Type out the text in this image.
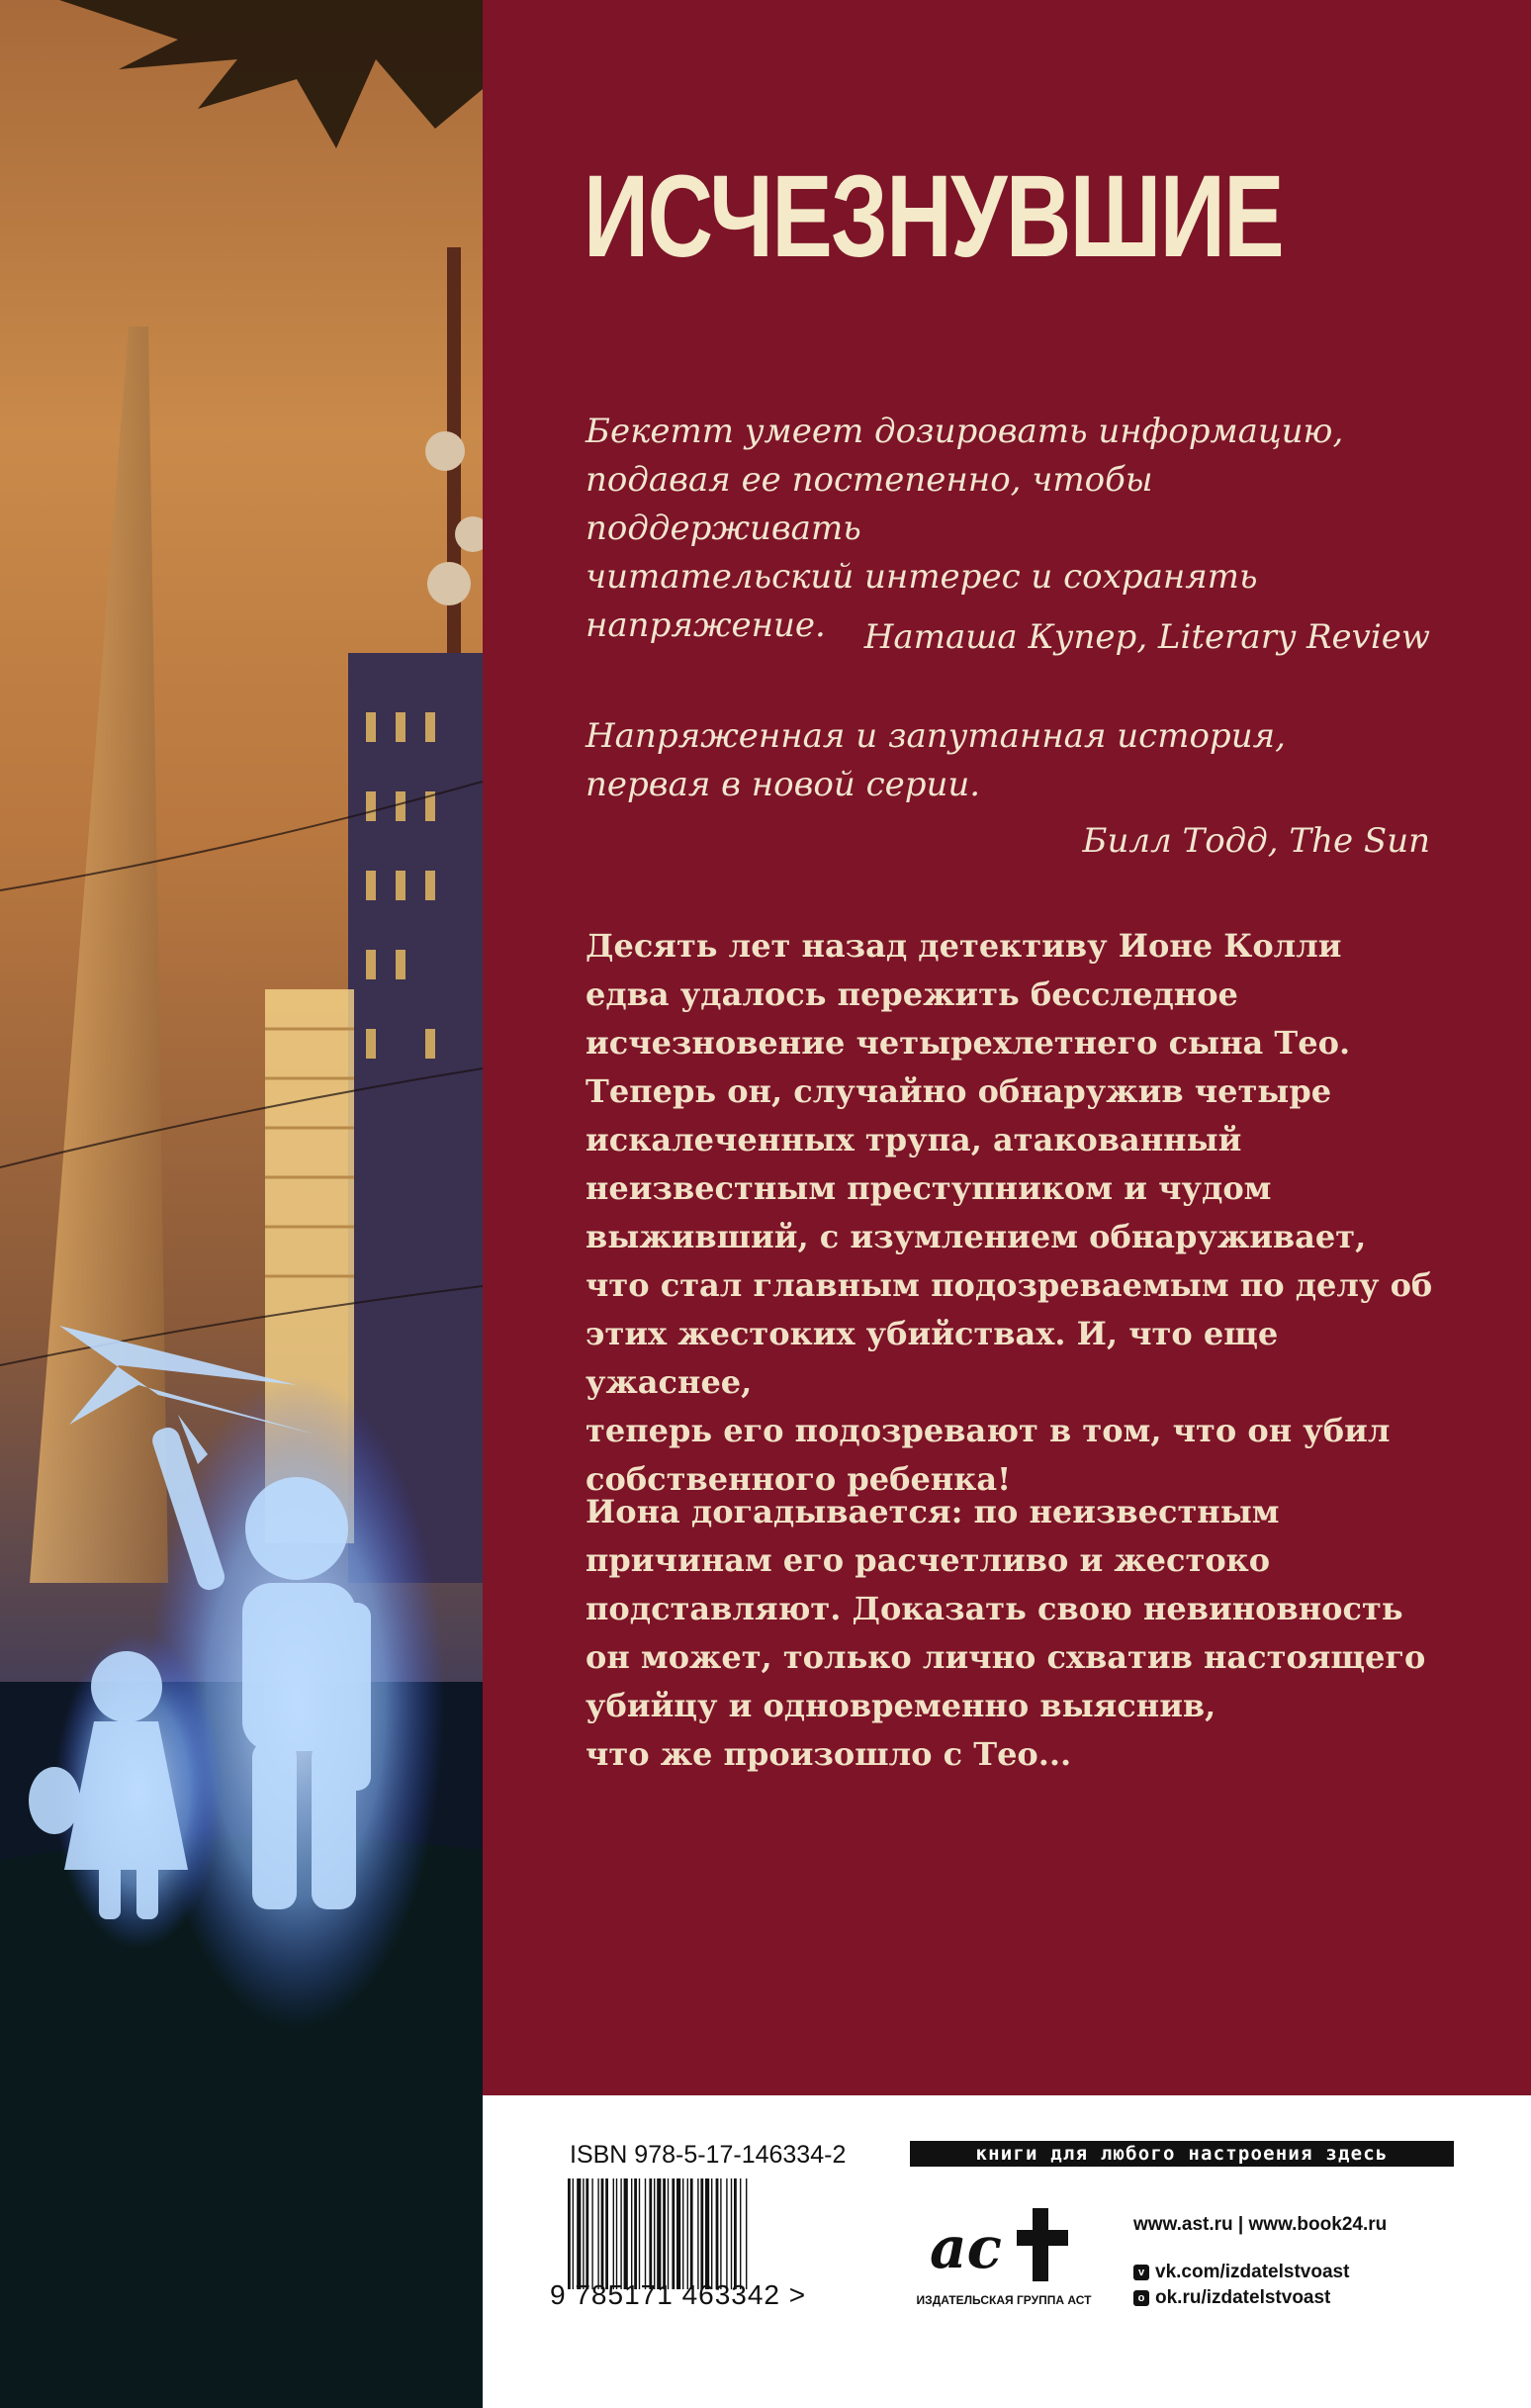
ИСЧЕЗНУВШИЕ
Бекетт умеет дозировать информацию,
подавая ее постепенно, чтобы поддерживать
читательский интерес и сохранять
напряжение.	Наташа Купер, Literary Review
Напряженная и запутанная история,
первая в новой серии.
Билл Тодд, The Sun
Десять лет назад детективу Ионе Колли
едва удалось пережить бесследное
исчезновение четырехлетнего сына Тео.
Теперь он, случайно обнаружив четыре
искалеченных трупа, атакованный
неизвестным преступником и чудом
выживший, с изумлением обнаруживает,
что стал главным подозреваемым по делу об
этих жестоких убийствах. И, что еще ужаснее,
теперь его подозревают в том, что он убил
собственного ребенка!
Иона догадывается: по неизвестным
причинам его расчетливо и жестоко
подставляют. Доказать свою невиновность
он может, только лично схватив настоящего
убийцу и одновременно выяснив,
что же произошло с Тео...
ISBN 978-5-17-146334-2
9 785171 463342 >
книги для любого настроения здесь
ас
ИЗДАТЕЛЬСКАЯ ГРУППА АСТ
www.ast.ru | www.book24.ru
v vk.com/izdatelstvoast
o ok.ru/izdatelstvoast
